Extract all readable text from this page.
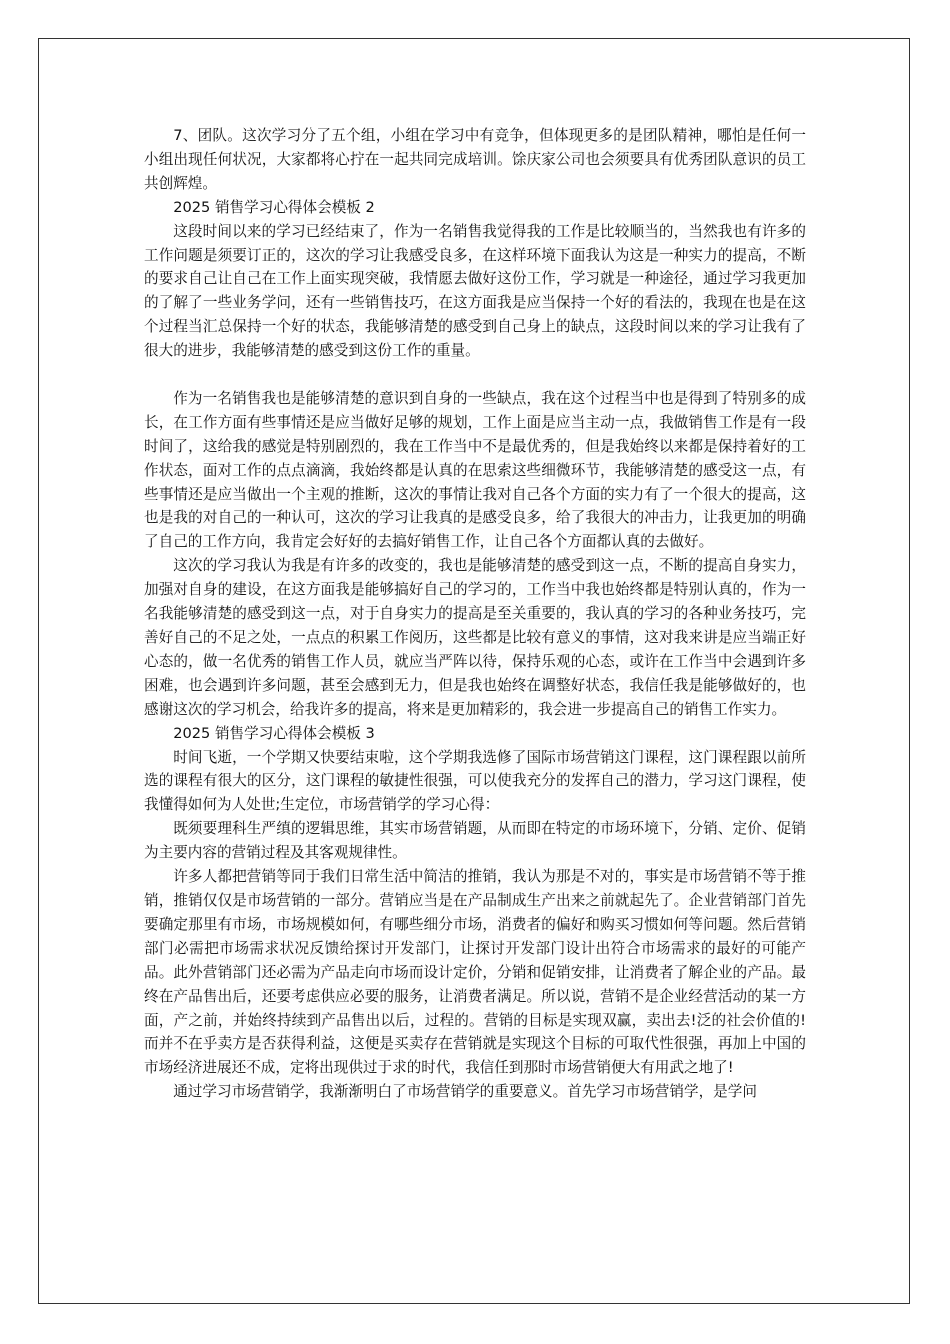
7、团队。这次学习分了五个组，小组在学习中有竞争，但体现更多的是团队精神，哪怕是任何一小组出现任何状况，大家都将心拧在一起共同完成培训。馀庆家公司也会须要具有优秀团队意识的员工共创辉煌。

2025 销售学习心得体会模板 2

这段时间以来的学习已经结束了，作为一名销售我觉得我的工作是比较顺当的，当然我也有许多的工作问题是须要订正的，这次的学习让我感受良多，在这样环境下面我认为这是一种实力的提高，不断的要求自己让自己在工作上面实现突破，我情愿去做好这份工作，学习就是一种途径，通过学习我更加的了解了一些业务学问，还有一些销售技巧，在这方面我是应当保持一个好的看法的，我现在也是在这个过程当汇总保持一个好的状态，我能够清楚的感受到自己身上的缺点，这段时间以来的学习让我有了很大的进步，我能够清楚的感受到这份工作的重量。

作为一名销售我也是能够清楚的意识到自身的一些缺点，我在这个过程当中也是得到了特别多的成长，在工作方面有些事情还是应当做好足够的规划，工作上面是应当主动一点，我做销售工作是有一段时间了，这给我的感觉是特别剧烈的，我在工作当中不是最优秀的，但是我始终以来都是保持着好的工作状态，面对工作的点点滴滴，我始终都是认真的在思索这些细微环节，我能够清楚的感受这一点，有些事情还是应当做出一个主观的推断，这次的事情让我对自己各个方面的实力有了一个很大的提高，这也是我的对自己的一种认可，这次的学习让我真的是感受良多，给了我很大的冲击力，让我更加的明确了自己的工作方向，我肯定会好好的去搞好销售工作，让自己各个方面都认真的去做好。

这次的学习我认为我是有许多的改变的，我也是能够清楚的感受到这一点，不断的提高自身实力，加强对自身的建设，在这方面我是能够搞好自己的学习的，工作当中我也始终都是特别认真的，作为一名我能够清楚的感受到这一点，对于自身实力的提高是至关重要的，我认真的学习的各种业务技巧，完善好自己的不足之处，一点点的积累工作阅历，这些都是比较有意义的事情，这对我来讲是应当端正好心态的，做一名优秀的销售工作人员，就应当严阵以待，保持乐观的心态，或许在工作当中会遇到许多困难，也会遇到许多问题，甚至会感到无力，但是我也始终在调整好状态，我信任我是能够做好的，也感谢这次的学习机会，给我许多的提高，将来是更加精彩的，我会进一步提高自己的销售工作实力。

2025 销售学习心得体会模板 3

时间飞逝，一个学期又快要结束啦，这个学期我选修了国际市场营销这门课程，这门课程跟以前所选的课程有很大的区分，这门课程的敏捷性很强，可以使我充分的发挥自己的潜力，学习这门课程，使我懂得如何为人处世;生定位，市场营销学的学习心得：

既须要理科生严缜的逻辑思维，其实市场营销题，从而即在特定的市场环境下，分销、定价、促销为主要内容的营销过程及其客观规律性。

许多人都把营销等同于我们日常生活中简洁的推销，我认为那是不对的，事实是市场营销不等于推销，推销仅仅是市场营销的一部分。营销应当是在产品制成生产出来之前就起先了。企业营销部门首先要确定那里有市场，市场规模如何，有哪些细分市场，消费者的偏好和购买习惯如何等问题。然后营销部门必需把市场需求状况反馈给探讨开发部门，让探讨开发部门设计出符合市场需求的最好的可能产品。此外营销部门还必需为产品走向市场而设计定价，分销和促销安排，让消费者了解企业的产品。最终在产品售出后，还要考虑供应必要的服务，让消费者满足。所以说，营销不是企业经营活动的某一方面，产之前，并始终持续到产品售出以后，过程的。营销的目标是实现双赢，卖出去!泛的社会价值的!而并不在乎卖方是否获得利益，这便是买卖存在营销就是实现这个目标的可取代性很强，再加上中国的市场经济进展还不成，定将出现供过于求的时代，我信任到那时市场营销便大有用武之地了!

通过学习市场营销学，我渐渐明白了市场营销学的重要意义。首先学习市场营销学，是学问
